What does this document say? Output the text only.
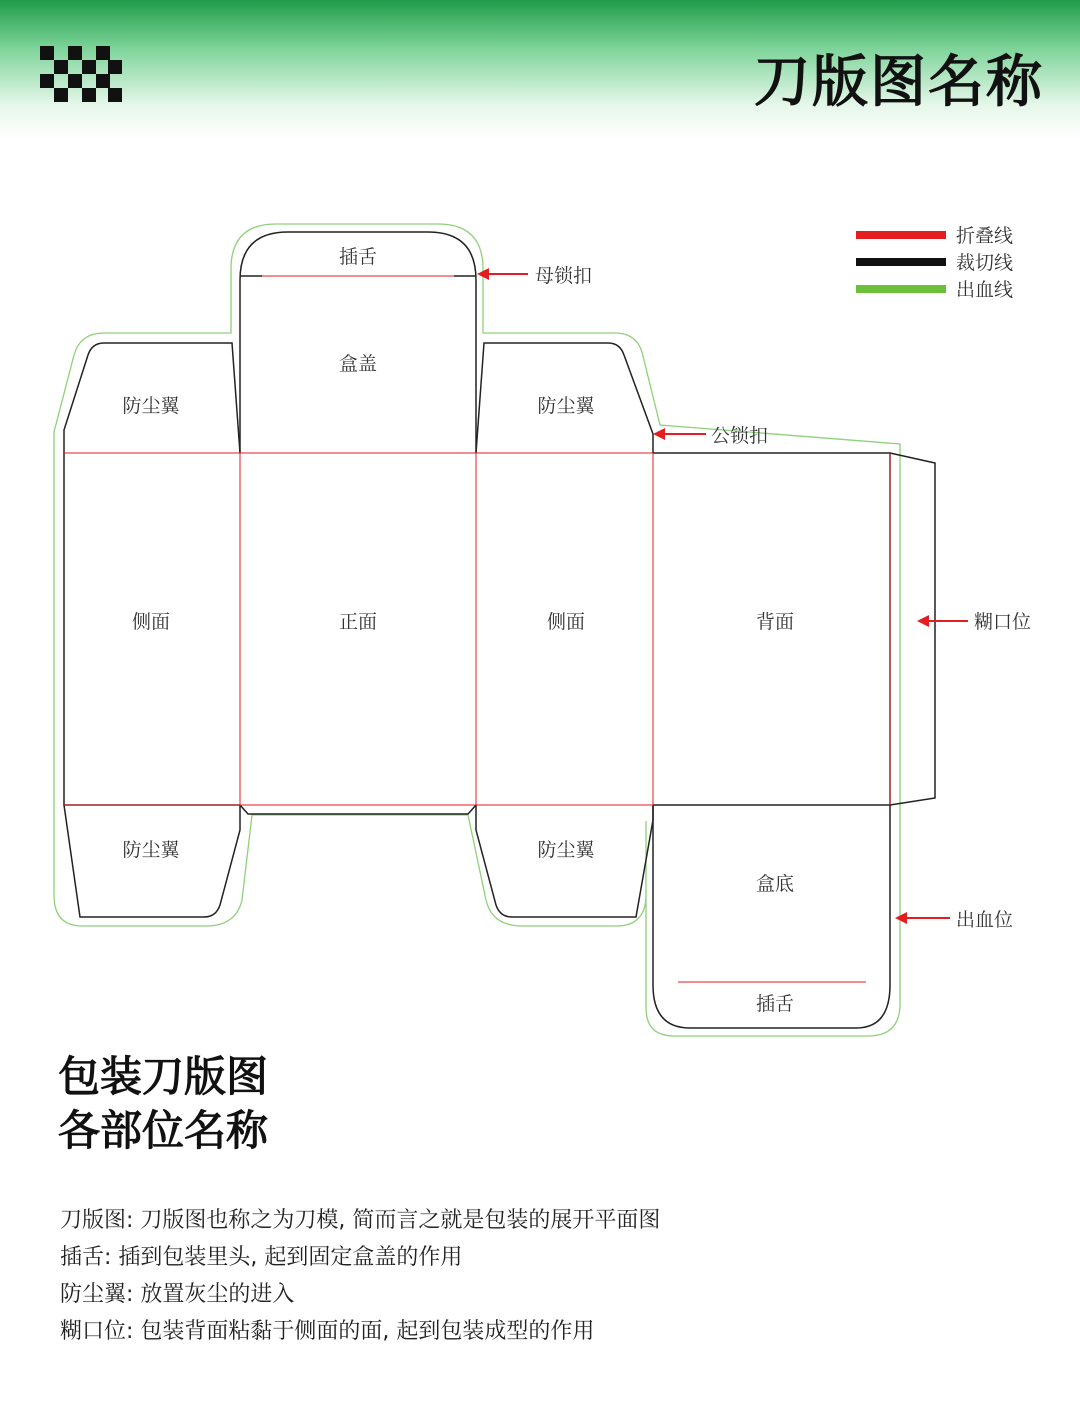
刀版图名称
插舌
盒盖
防尘翼	防尘翼
侧面	正面	侧面	背面
防尘翼	防尘翼
盒底
插舌
母锁扣
公锁扣
糊口位
出血位
折叠线
裁切线
出血线
包装刀版图
各部位名称
刀版图: 刀版图也称之为刀模, 简而言之就是包装的展开平面图
插舌: 插到包装里头, 起到固定盒盖的作用
防尘翼: 放置灰尘的进入
糊口位: 包装背面粘黏于侧面的面, 起到包装成型的作用
